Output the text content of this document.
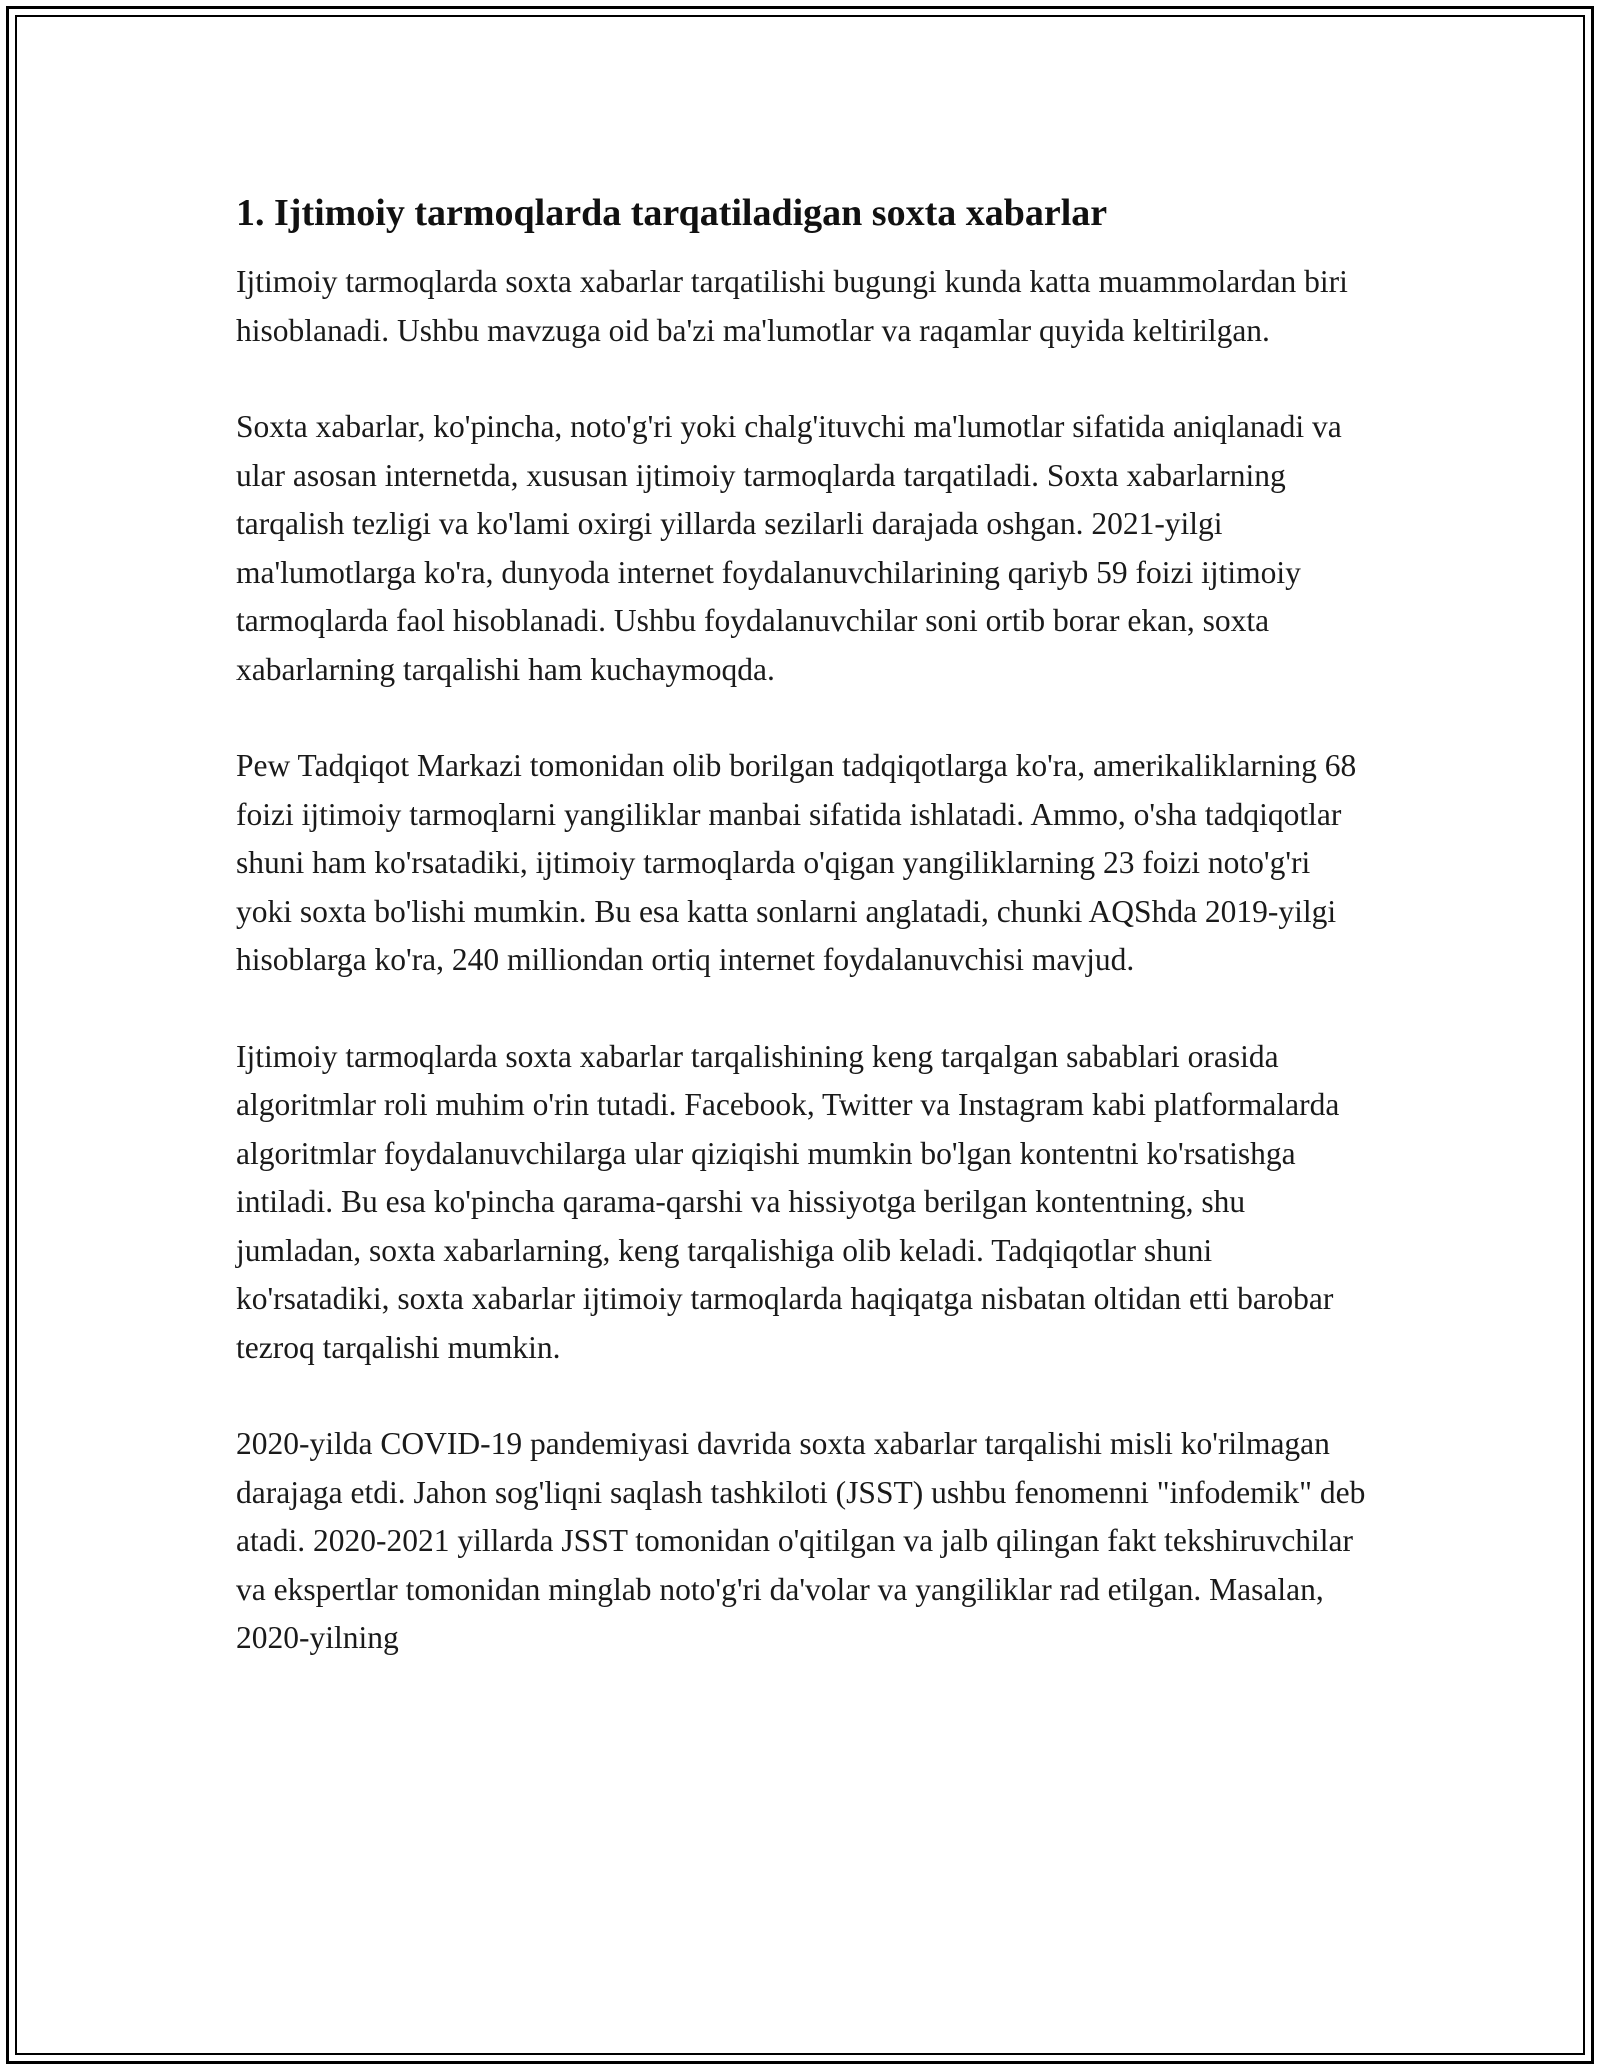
1. Ijtimoiy tarmoqlarda tarqatiladigan soxta xabarlar

Ijtimoiy tarmoqlarda soxta xabarlar tarqatilishi bugungi kunda katta muammolardan biri hisoblanadi. Ushbu mavzuga oid ba'zi ma'lumotlar va raqamlar quyida keltirilgan.

Soxta xabarlar, ko'pincha, noto'g'ri yoki chalg'ituvchi ma'lumotlar sifatida aniqlanadi va ular asosan internetda, xususan ijtimoiy tarmoqlarda tarqatiladi. Soxta xabarlarning tarqalish tezligi va ko'lami oxirgi yillarda sezilarli darajada oshgan. 2021-yilgi ma'lumotlarga ko'ra, dunyoda internet foydalanuvchilarining qariyb 59 foizi ijtimoiy tarmoqlarda faol hisoblanadi. Ushbu foydalanuvchilar soni ortib borar ekan, soxta xabarlarning tarqalishi ham kuchaymoqda.

Pew Tadqiqot Markazi tomonidan olib borilgan tadqiqotlarga ko'ra, amerikaliklarning 68 foizi ijtimoiy tarmoqlarni yangiliklar manbai sifatida ishlatadi. Ammo, o'sha tadqiqotlar shuni ham ko'rsatadiki, ijtimoiy tarmoqlarda o'qigan yangiliklarning 23 foizi noto'g'ri yoki soxta bo'lishi mumkin. Bu esa katta sonlarni anglatadi, chunki AQShda 2019-yilgi hisoblarga ko'ra, 240 milliondan ortiq internet foydalanuvchisi mavjud.

Ijtimoiy tarmoqlarda soxta xabarlar tarqalishining keng tarqalgan sabablari orasida algoritmlar roli muhim o'rin tutadi. Facebook, Twitter va Instagram kabi platformalarda algoritmlar foydalanuvchilarga ular qiziqishi mumkin bo'lgan kontentni ko'rsatishga intiladi. Bu esa ko'pincha qarama-qarshi va hissiyotga berilgan kontentning, shu jumladan, soxta xabarlarning, keng tarqalishiga olib keladi. Tadqiqotlar shuni ko'rsatadiki, soxta xabarlar ijtimoiy tarmoqlarda haqiqatga nisbatan oltidan etti barobar tezroq tarqalishi mumkin.

2020-yilda COVID-19 pandemiyasi davrida soxta xabarlar tarqalishi misli ko'rilmagan darajaga etdi. Jahon sog'liqni saqlash tashkiloti (JSST) ushbu fenomenni "infodemik" deb atadi. 2020-2021 yillarda JSST tomonidan o'qitilgan va jalb qilingan fakt tekshiruvchilar va ekspertlar tomonidan minglab noto'g'ri da'volar va yangiliklar rad etilgan. Masalan, 2020-yilning
